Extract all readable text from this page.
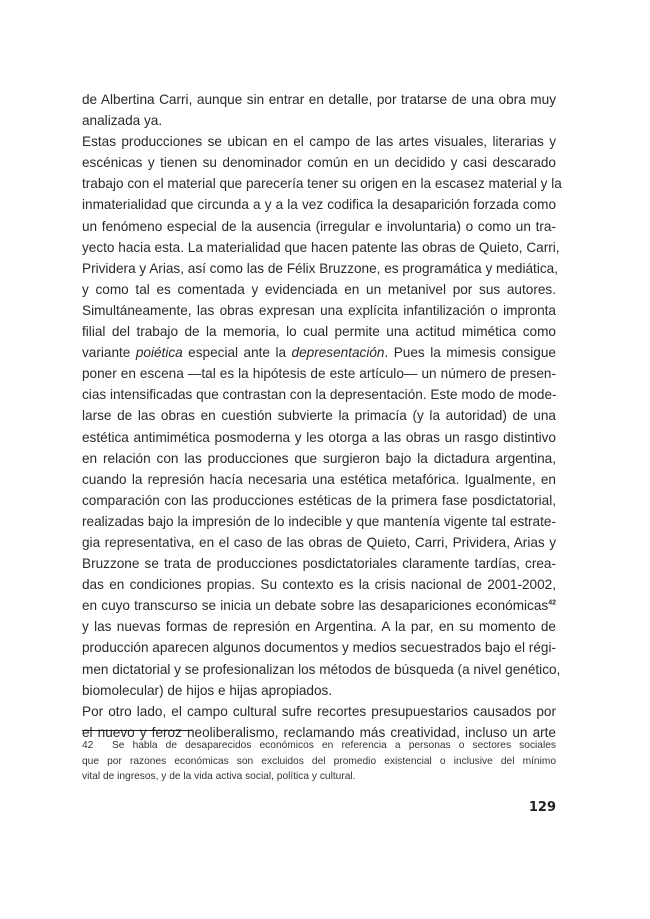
de Albertina Carri, aunque sin entrar en detalle, por tratarse de una obra muy
analizada ya.
Estas producciones se ubican en el campo de las artes visuales, literarias y
escénicas y tienen su denominador común en un decidido y casi descarado
trabajo con el material que parecería tener su origen en la escasez material y la
inmaterialidad que circunda a y a la vez codifica la desaparición forzada como
un fenómeno especial de la ausencia (irregular e involuntaria) o como un tra-
yecto hacia esta. La materialidad que hacen patente las obras de Quieto, Carri,
Prividera y Arias, así como las de Félix Bruzzone, es programática y mediática,
y como tal es comentada y evidenciada en un metanivel por sus autores.
Simultáneamente, las obras expresan una explícita infantilización o impronta
filial del trabajo de la memoria, lo cual permite una actitud mimética como
variante poiética especial ante la depresentación. Pues la mimesis consigue
poner en escena —tal es la hipótesis de este artículo— un número de presen-
cias intensificadas que contrastan con la depresentación. Este modo de mode-
larse de las obras en cuestión subvierte la primacía (y la autoridad) de una
estética antimimética posmoderna y les otorga a las obras un rasgo distintivo
en relación con las producciones que surgieron bajo la dictadura argentina,
cuando la represión hacía necesaria una estética metafórica. Igualmente, en
comparación con las producciones estéticas de la primera fase posdictatorial,
realizadas bajo la impresión de lo indecible y que mantenía vigente tal estrate-
gia representativa, en el caso de las obras de Quieto, Carri, Prividera, Arias y
Bruzzone se trata de producciones posdictatoriales claramente tardías, crea-
das en condiciones propias. Su contexto es la crisis nacional de 2001-2002,
en cuyo transcurso se inicia un debate sobre las desapariciones económicas$^{42}$
y las nuevas formas de represión en Argentina. A la par, en su momento de
producción aparecen algunos documentos y medios secuestrados bajo el régi-
men dictatorial y se profesionalizan los métodos de búsqueda (a nivel genético,
biomolecular) de hijos e hijas apropiados.
Por otro lado, el campo cultural sufre recortes presupuestarios causados por
el nuevo y feroz neoliberalismo, reclamando más creatividad, incluso un arte
42 Se habla de desaparecidos económicos en referencia a personas o sectores sociales
que por razones económicas son excluidos del promedio existencial o inclusive del mínimo
vital de ingresos, y de la vida activa social, política y cultural.
129
